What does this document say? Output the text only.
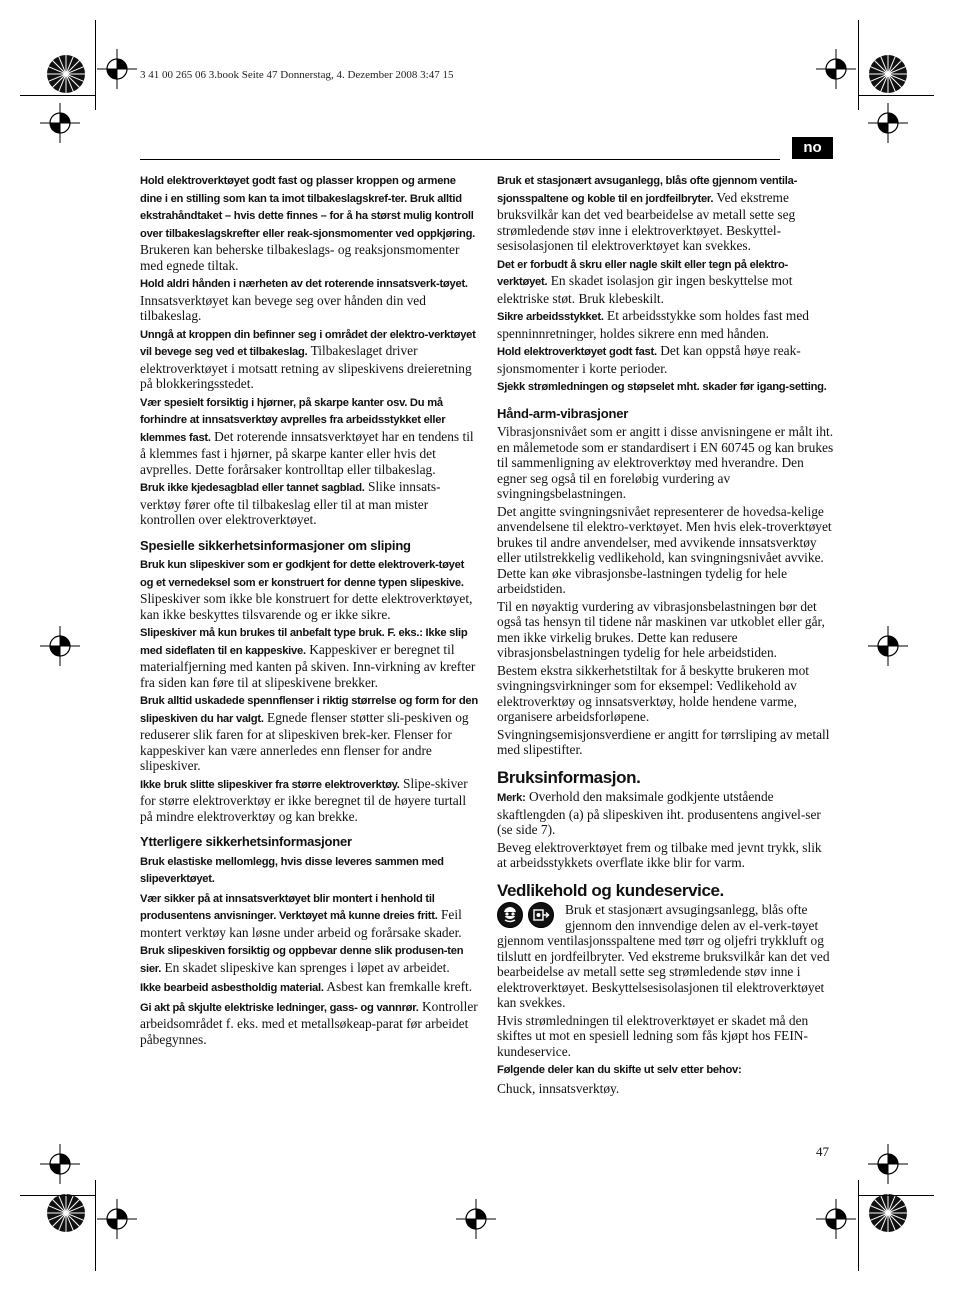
3 41 00 265 06 3.book Seite 47 Donnerstag, 4. Dezember 2008 3:47 15
no

Hold elektroverktøyet godt fast og plasser kroppen og armene dine i en stilling som kan ta imot tilbakeslagskref-ter. Bruk alltid ekstrahåndtaket – hvis dette finnes – for å ha størst mulig kontroll over tilbakeslagskrefter eller reak-sjonsmomenter ved oppkjøring. Brukeren kan beherske tilbakeslags- og reaksjonsmomenter med egnede tiltak.

Hold aldri hånden i nærheten av det roterende innsatsverk-tøyet. Innsatsverktøyet kan bevege seg over hånden din ved tilbakeslag.

Unngå at kroppen din befinner seg i området der elektro-verktøyet vil bevege seg ved et tilbakeslag. Tilbakeslaget driver elektroverktøyet i motsatt retning av slipeskivens dreieretning på blokkeringsstedet.

Vær spesielt forsiktig i hjørner, på skarpe kanter osv. Du må forhindre at innsatsverktøy avprelles fra arbeidsstykket eller klemmes fast. Det roterende innsatsverktøyet har en tendens til å klemmes fast i hjørner, på skarpe kanter eller hvis det avprelles. Dette forårsaker kontrolltap eller tilbakeslag.

Bruk ikke kjedesagblad eller tannet sagblad. Slike innsats-verktøy fører ofte til tilbakeslag eller til at man mister kontrollen over elektroverktøyet.

Spesielle sikkerhetsinformasjoner om sliping

Bruk kun slipeskiver som er godkjent for dette elektroverk-tøyet og et vernedeksel som er konstruert for denne typen slipeskive. Slipeskiver som ikke ble konstruert for dette elektroverktøyet, kan ikke beskyttes tilsvarende og er ikke sikre.

Slipeskiver må kun brukes til anbefalt type bruk. F. eks.: Ikke slip med sideflaten til en kappeskive. Kappeskiver er beregnet til materialfjerning med kanten på skiven. Inn-virkning av krefter fra siden kan føre til at slipeskivene brekker.

Bruk alltid uskadede spennflenser i riktig størrelse og form for den slipeskiven du har valgt. Egnede flenser støtter sli-peskiven og reduserer slik faren for at slipeskiven brek-ker. Flenser for kappeskiver kan være annerledes enn flenser for andre slipeskiver.

Ikke bruk slitte slipeskiver fra større elektroverktøy. Slipe-skiver for større elektroverktøy er ikke beregnet til de høyere turtall på mindre elektroverktøy og kan brekke.

Ytterligere sikkerhetsinformasjoner

Bruk elastiske mellomlegg, hvis disse leveres sammen med slipeverktøyet.

Vær sikker på at innsatsverktøyet blir montert i henhold til produsentens anvisninger. Verktøyet må kunne dreies fritt. Feil montert verktøy kan løsne under arbeid og forårsake skader.

Bruk slipeskiven forsiktig og oppbevar denne slik produsen-ten sier. En skadet slipeskive kan sprenges i løpet av arbeidet.

Ikke bearbeid asbestholdig material. Asbest kan fremkalle kreft.

Gi akt på skjulte elektriske ledninger, gass- og vannrør. Kontroller arbeidsområdet f. eks. med et metallsøkeap-parat før arbeidet påbegynnes.

Bruk et stasjonært avsuganlegg, blås ofte gjennom ventila-sjonsspaltene og koble til en jordfeilbryter. Ved ekstreme bruksvilkår kan det ved bearbeidelse av metall sette seg strømledende støv inne i elektroverktøyet. Beskyttel-sesisolasjonen til elektroverktøyet kan svekkes.

Det er forbudt å skru eller nagle skilt eller tegn på elektro-verktøyet. En skadet isolasjon gir ingen beskyttelse mot elektriske støt. Bruk klebeskilt.

Sikre arbeidsstykket. Et arbeidsstykke som holdes fast med spenninnretninger, holdes sikrere enn med hånden.

Hold elektroverktøyet godt fast. Det kan oppstå høye reak-sjonsmomenter i korte perioder.

Sjekk strømledningen og støpselet mht. skader før igang-setting.

Hånd-arm-vibrasjoner

Vibrasjonsnivået som er angitt i disse anvisningene er målt iht. en målemetode som er standardisert i EN 60745 og kan brukes til sammenligning av elektroverktøy med hverandre. Den egner seg også til en foreløbig vurdering av svingningsbelastningen.

Det angitte svingningsnivået representerer de hovedsa-kelige anvendelsene til elektro-verktøyet. Men hvis elek-troverktøyet brukes til andre anvendelser, med avvikende innsatsverktøy eller utilstrekkelig vedlikehold, kan svingningsnivået avvike. Dette kan øke vibrasjonsbe-lastningen tydelig for hele arbeidstiden.

Til en nøyaktig vurdering av vibrasjonsbelastningen bør det også tas hensyn til tidene når maskinen var utkoblet eller går, men ikke virkelig brukes. Dette kan redusere vibrasjonsbelastningen tydelig for hele arbeidstiden.

Bestem ekstra sikkerhetstiltak for å beskytte brukeren mot svingningsvirkninger som for eksempel: Vedlikehold av elektroverktøy og innsatsverktøy, holde hendene varme, organisere arbeidsforløpene.

Svingningsemisjonsverdiene er angitt for tørrsliping av metall med slipestifter.

Bruksinformasjon.

Merk: Overhold den maksimale godkjente utstående skaftlengden (a) på slipeskiven iht. produsentens angivel-ser (se side 7).

Beveg elektroverktøyet frem og tilbake med jevnt trykk, slik at arbeidsstykkets overflate ikke blir for varm.

Vedlikehold og kundeservice.

Bruk et stasjonært avsugingsanlegg, blås ofte gjennom den innvendige delen av el-verk-tøyet gjennom ventilasjonsspaltene med tørr og oljefri trykkluft og tilslutt en jordfeilbryter. Ved ekstreme bruksvilkår kan det ved bearbeidelse av metall sette seg strømledende støv inne i elektroverktøyet. Beskyttelsesisolasjonen til elektroverktøyet kan svekkes.

Hvis strømledningen til elektroverktøyet er skadet må den skiftes ut mot en spesiell ledning som fås kjøpt hos FEIN-kundeservice.

Følgende deler kan du skifte ut selv etter behov:

Chuck, innsatsverktøy.

47
